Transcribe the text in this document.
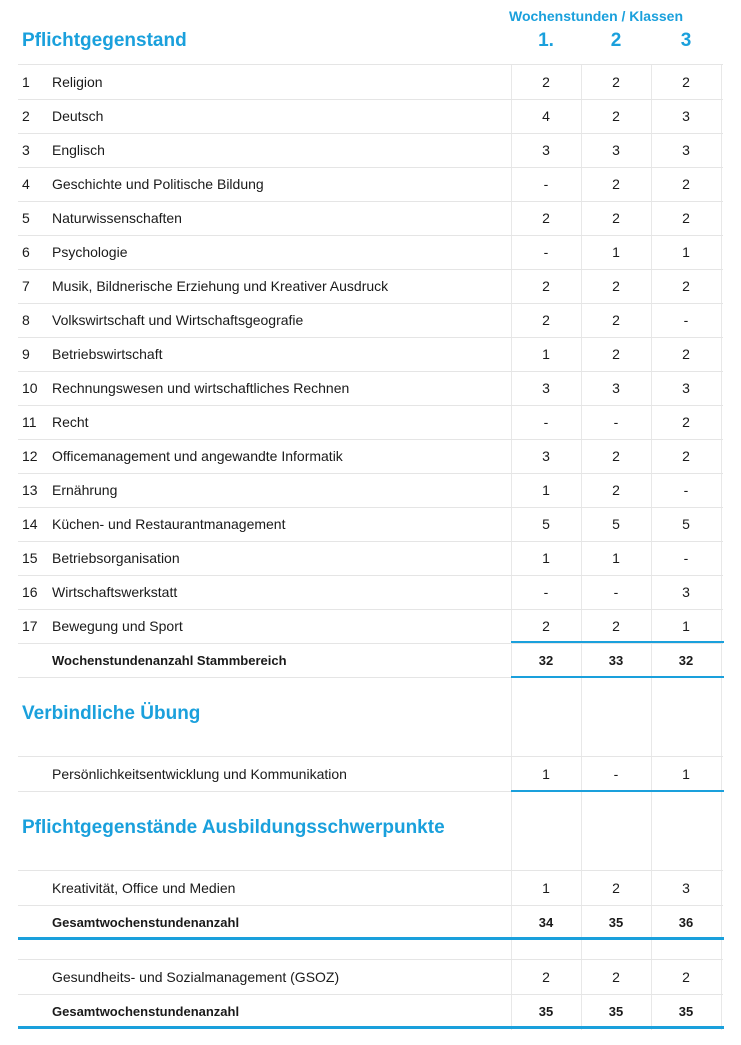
Pflichtgegenstand
Wochenstunden / Klassen
1.	2	3
1 Religion	2	2	2
2 Deutsch	4	2	3
3 Englisch	3	3	3
4 Geschichte und Politische Bildung	-	2	2
5 Naturwissenschaften	2	2	2
6 Psychologie	-	1	1
7 Musik, Bildnerische Erziehung und Kreativer Ausdruck	2	2	2
8 Volkswirtschaft und Wirtschaftsgeografie	2	2	-
9 Betriebswirtschaft	1	2	2
10 Rechnungswesen und wirtschaftliches Rechnen	3	3	3
11 Recht	-	-	2
12 Officemanagement und angewandte Informatik	3	2	2
13 Ernährung	1	2	-
14 Küchen- und Restaurantmanagement	5	5	5
15 Betriebsorganisation	1	1	-
16 Wirtschaftswerkstatt	-	-	3
17 Bewegung und Sport	2	2	1
Wochenstundenanzahl Stammbereich	32	33	32
Verbindliche Übung
Persönlichkeitsentwicklung und Kommunikation	1	-	1
Pflichtgegenstände Ausbildungsschwerpunkte
Kreativität, Office und Medien	1	2	3
Gesamtwochenstundenanzahl	34	35	36
Gesundheits- und Sozialmanagement (GSOZ)	2	2	2
Gesamtwochenstundenanzahl	35	35	35
